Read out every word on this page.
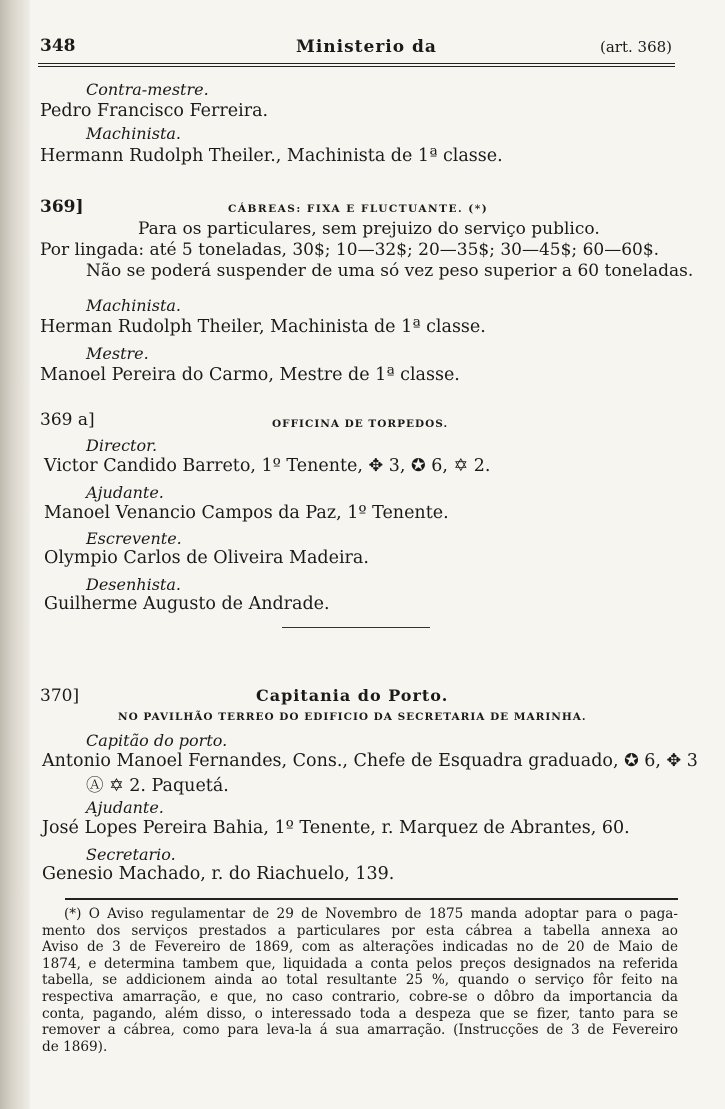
348	Ministerio da	(art. 368)
Contra-mestre.
Pedro Francisco Ferreira.
Machinista.
Hermann Rudolph Theiler., Machinista de 1ª classe.
369]	CÁBREAS: FIXA E FLUCTUANTE. (*)
Para os particulares, sem prejuizo do serviço publico.
Por lingada: até 5 toneladas, 30$; 10—32$; 20—35$; 30—45$; 60—60$.
Não se poderá suspender de uma só vez peso superior a 60 toneladas.
Machinista.
Herman Rudolph Theiler, Machinista de 1ª classe.
Mestre.
Manoel Pereira do Carmo, Mestre de 1ª classe.
369 a]	OFFICINA DE TORPEDOS.
Director.
Victor Candido Barreto, 1º Tenente, ✥ 3, ✪ 6, ✡ 2.
Ajudante.
Manoel Venancio Campos da Paz, 1º Tenente.
Escrevente.
Olympio Carlos de Oliveira Madeira.
Desenhista.
Guilherme Augusto de Andrade.
370]	Capitania do Porto.
NO PAVILHÃO TERREO DO EDIFICIO DA SECRETARIA DE MARINHA.
Capitão do porto.
Antonio Manoel Fernandes, Cons., Chefe de Esquadra graduado, ✪ 6, ✥ 3
Ⓐ ✡ 2. Paquetá.
Ajudante.
José Lopes Pereira Bahia, 1º Tenente, r. Marquez de Abrantes, 60.
Secretario.
Genesio Machado, r. do Riachuelo, 139.
(*) O Aviso regulamentar de 29 de Novembro de 1875 manda adoptar para o paga-
mento dos serviços prestados a particulares por esta cábrea a tabella annexa ao
Aviso de 3 de Fevereiro de 1869, com as alterações indicadas no de 20 de Maio de
1874, e determina tambem que, liquidada a conta pelos preços designados na referida
tabella, se addicionem ainda ao total resultante 25 %, quando o serviço fôr feito na
respectiva amarração, e que, no caso contrario, cobre-se o dôbro da importancia da
conta, pagando, além disso, o interessado toda a despeza que se fizer, tanto para se
remover a cábrea, como para leva-la á sua amarração. (Instrucções de 3 de Fevereiro
de 1869).
